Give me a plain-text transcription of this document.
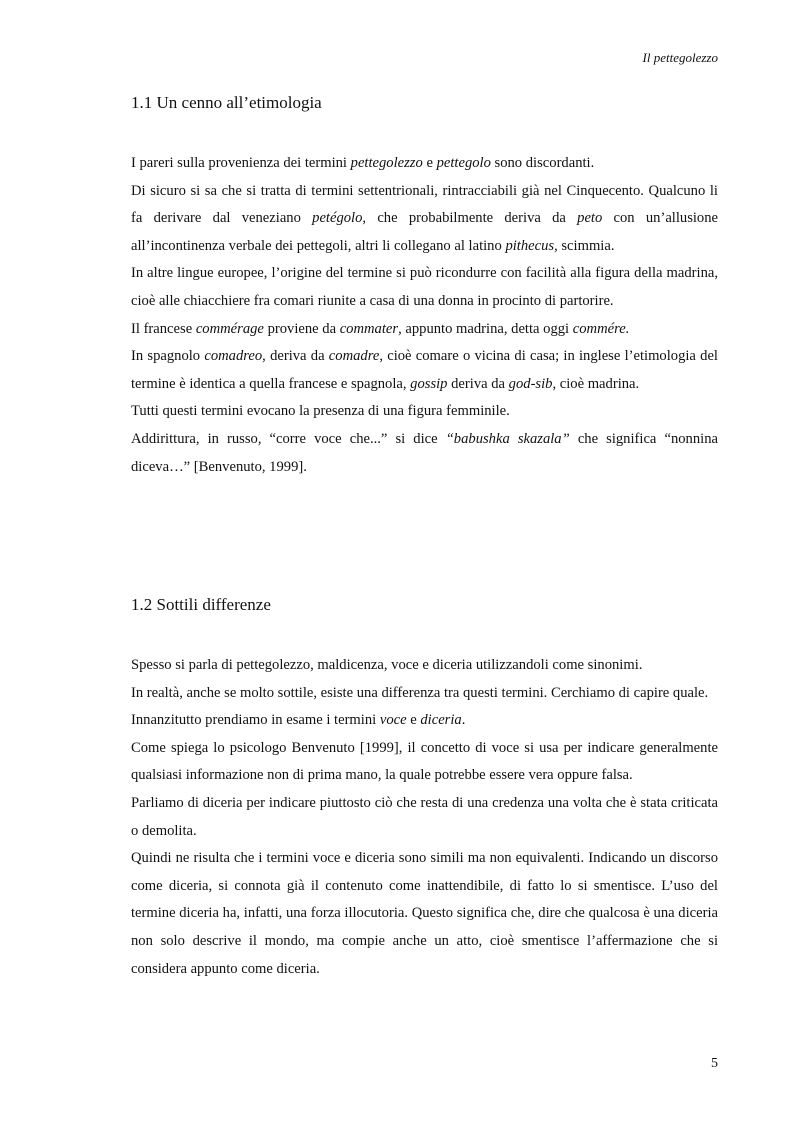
Il pettegolezzo
1.1 Un cenno all’etimologia

I pareri sulla provenienza dei termini pettegolezzo e pettegolo sono discordanti.

Di sicuro si sa che si tratta di termini settentrionali, rintracciabili già nel Cinquecento. Qualcuno li fa derivare dal veneziano petégolo, che probabilmente deriva da peto con un’allusione all’incontinenza verbale dei pettegoli, altri li collegano al latino pithecus, scimmia.

In altre lingue europee, l’origine del termine si può ricondurre con facilità alla figura della madrina, cioè alle chiacchiere fra comari riunite a casa di una donna in procinto di partorire.

Il francese commérage proviene da commater, appunto madrina, detta oggi commére.

In spagnolo comadreo, deriva da comadre, cioè comare o vicina di casa; in inglese l’etimologia del termine è identica a quella francese e spagnola, gossip deriva da god-sib, cioè madrina.

Tutti questi termini evocano la presenza di una figura femminile.

Addirittura, in russo, “corre voce che...” si dice “babushka skazala” che significa “nonnina diceva…” [Benvenuto, 1999].

1.2 Sottili differenze

Spesso si parla di pettegolezzo, maldicenza, voce e diceria utilizzandoli come sinonimi.

In realtà, anche se molto sottile, esiste una differenza tra questi termini. Cerchiamo di capire quale.

Innanzitutto prendiamo in esame i termini voce e diceria.

Come spiega lo psicologo Benvenuto [1999], il concetto di voce si usa per indicare generalmente qualsiasi informazione non di prima mano, la quale potrebbe essere vera oppure falsa.

Parliamo di diceria per indicare piuttosto ciò che resta di una credenza una volta che è stata criticata o demolita.

Quindi ne risulta che i termini voce e diceria sono simili ma non equivalenti. Indicando un discorso come diceria, si connota già il contenuto come inattendibile, di fatto lo si smentisce. L’uso del termine diceria ha, infatti, una forza illocutoria. Questo significa che, dire che qualcosa è una diceria non solo descrive il mondo, ma compie anche un atto, cioè smentisce l’affermazione che si considera appunto come diceria.

5
